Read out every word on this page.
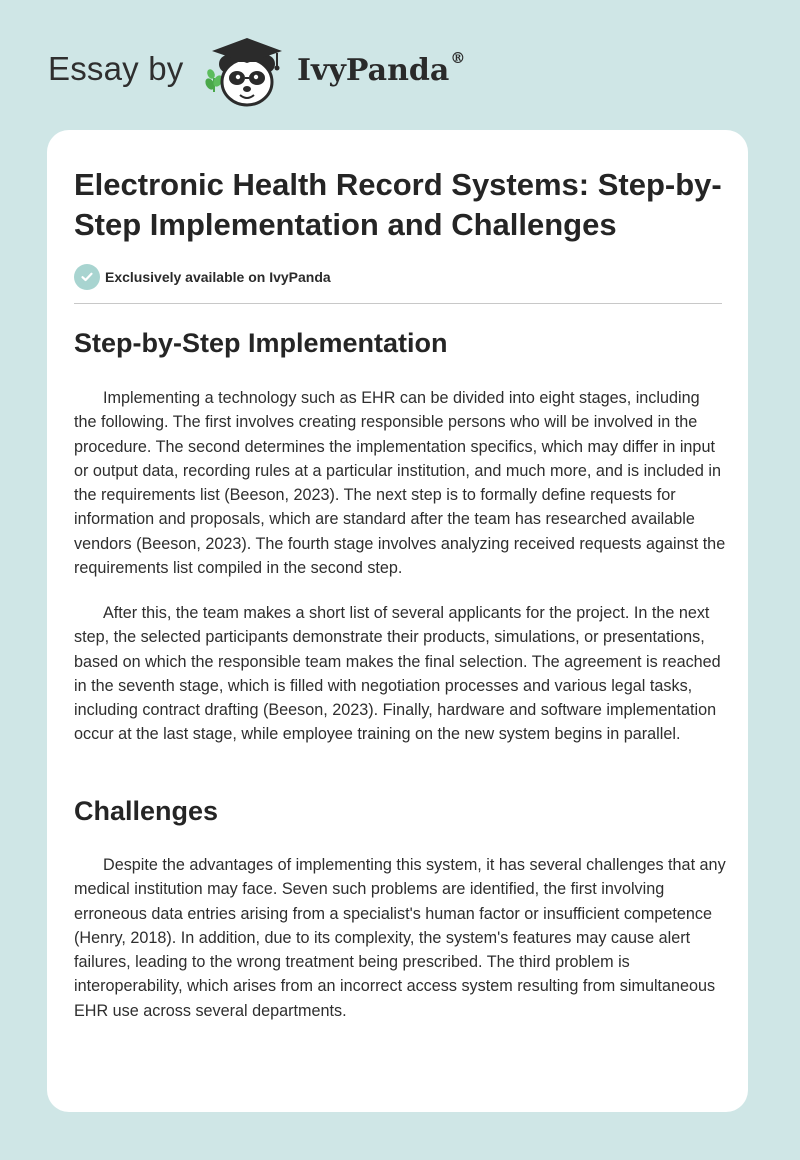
Essay by	IvyPanda®
Electronic Health Record Systems: Step-by-Step Implementation and Challenges
Exclusively available on IvyPanda
Step-by-Step Implementation

Implementing a technology such as EHR can be divided into eight stages, including the following. The first involves creating responsible persons who will be involved in the procedure. The second determines the implementation specifics, which may differ in input or output data, recording rules at a particular institution, and much more, and is included in the requirements list (Beeson, 2023). The next step is to formally define requests for information and proposals, which are standard after the team has researched available vendors (Beeson, 2023). The fourth stage involves analyzing received requests against the requirements list compiled in the second step.

After this, the team makes a short list of several applicants for the project. In the next step, the selected participants demonstrate their products, simulations, or presentations, based on which the responsible team makes the final selection. The agreement is reached in the seventh stage, which is filled with negotiation processes and various legal tasks, including contract drafting (Beeson, 2023). Finally, hardware and software implementation occur at the last stage, while employee training on the new system begins in parallel.

Challenges

Despite the advantages of implementing this system, it has several challenges that any medical institution may face. Seven such problems are identified, the first involving erroneous data entries arising from a specialist's human factor or insufficient competence (Henry, 2018). In addition, due to its complexity, the system's features may cause alert failures, leading to the wrong treatment being prescribed. The third problem is interoperability, which arises from an incorrect access system resulting from simultaneous EHR use across several departments.
